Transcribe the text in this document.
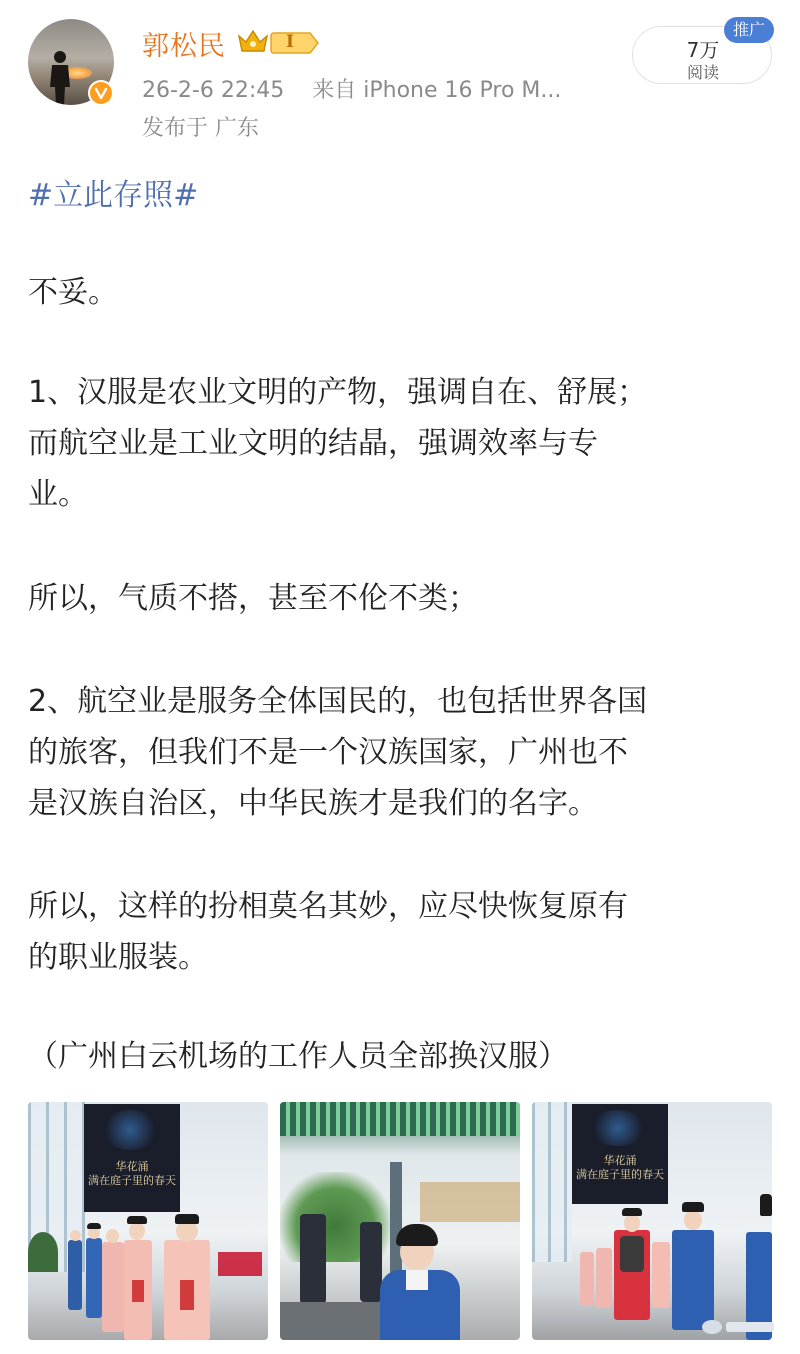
郭松民	I
26-2-6 22:45 来自 iPhone 16 Pro M...
发布于 广东
7万
阅读
推广
#立此存照#
不妥。
1、汉服是农业文明的产物，强调自在、舒展；
而航空业是工业文明的结晶，强调效率与专
业。
所以，气质不搭，甚至不伦不类；
2、航空业是服务全体国民的，也包括世界各国
的旅客，但我们不是一个汉族国家，广州也不
是汉族自治区，中华民族才是我们的名字。
所以，这样的扮相莫名其妙，应尽快恢复原有
的职业服装。
（广州白云机场的工作人员全部换汉服）
华花涌
满在庭子里的春天
华花涌
满在庭子里的春天
